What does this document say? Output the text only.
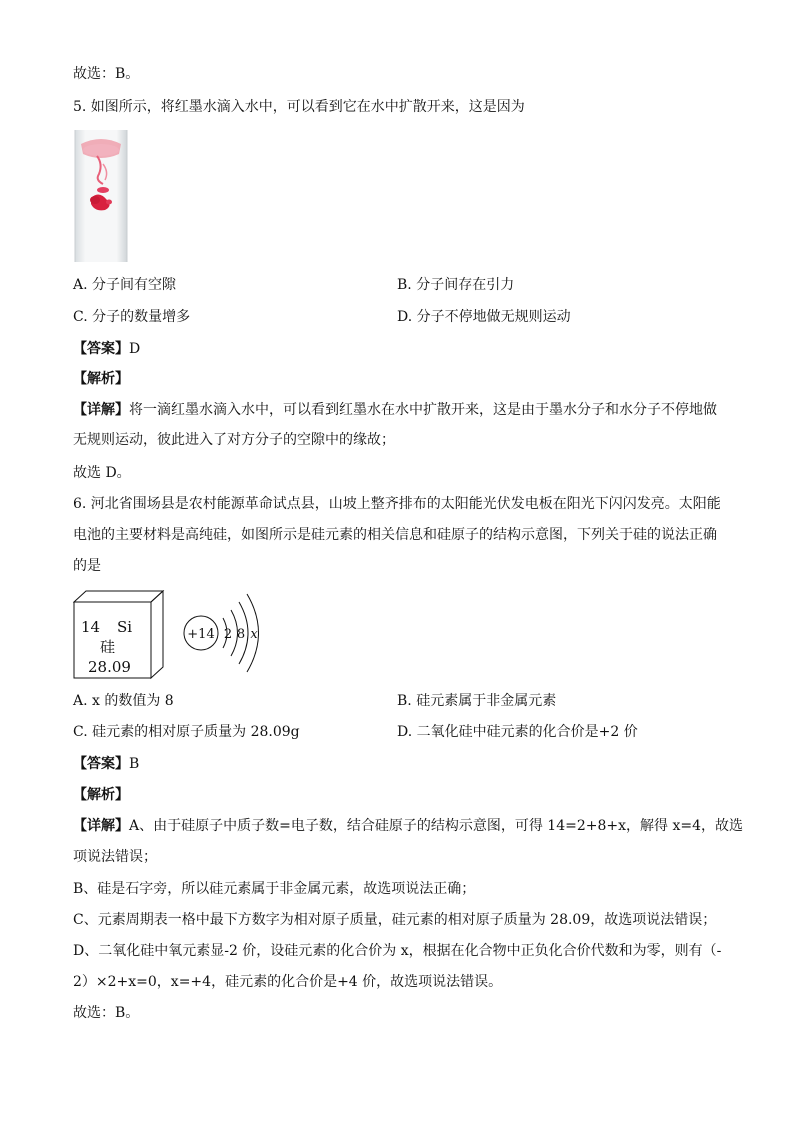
故选：B。
5. 如图所示，将红墨水滴入水中，可以看到它在水中扩散开来，这是因为
A. 分子间有空隙	B. 分子间存在引力
C. 分子的数量增多	D. 分子不停地做无规则运动
【答案】D
【解析】
【详解】将一滴红墨水滴入水中，可以看到红墨水在水中扩散开来，这是由于墨水分子和水分子不停地做
无规则运动，彼此进入了对方分子的空隙中的缘故；
故选 D。
6. 河北省围场县是农村能源革命试点县，山坡上整齐排布的太阳能光伏发电板在阳光下闪闪发亮。太阳能
电池的主要材料是高纯硅，如图所示是硅元素的相关信息和硅原子的结构示意图，下列关于硅的说法正确
的是
14 Si
硅
28.09
+14 2 8 x
A. x 的数值为 8	B. 硅元素属于非金属元素
C. 硅元素的相对原子质量为 28.09g	D. 二氧化硅中硅元素的化合价是+2 价
【答案】B
【解析】
【详解】A、由于硅原子中质子数=电子数，结合硅原子的结构示意图，可得 14=2+8+x，解得 x=4，故选
项说法错误；
B、硅是石字旁，所以硅元素属于非金属元素，故选项说法正确；
C、元素周期表一格中最下方数字为相对原子质量，硅元素的相对原子质量为 28.09，故选项说法错误；
D、二氧化硅中氧元素显-2 价，设硅元素的化合价为 x，根据在化合物中正负化合价代数和为零，则有（-
2）×2+x=0，x=+4，硅元素的化合价是+4 价，故选项说法错误。
故选：B。
